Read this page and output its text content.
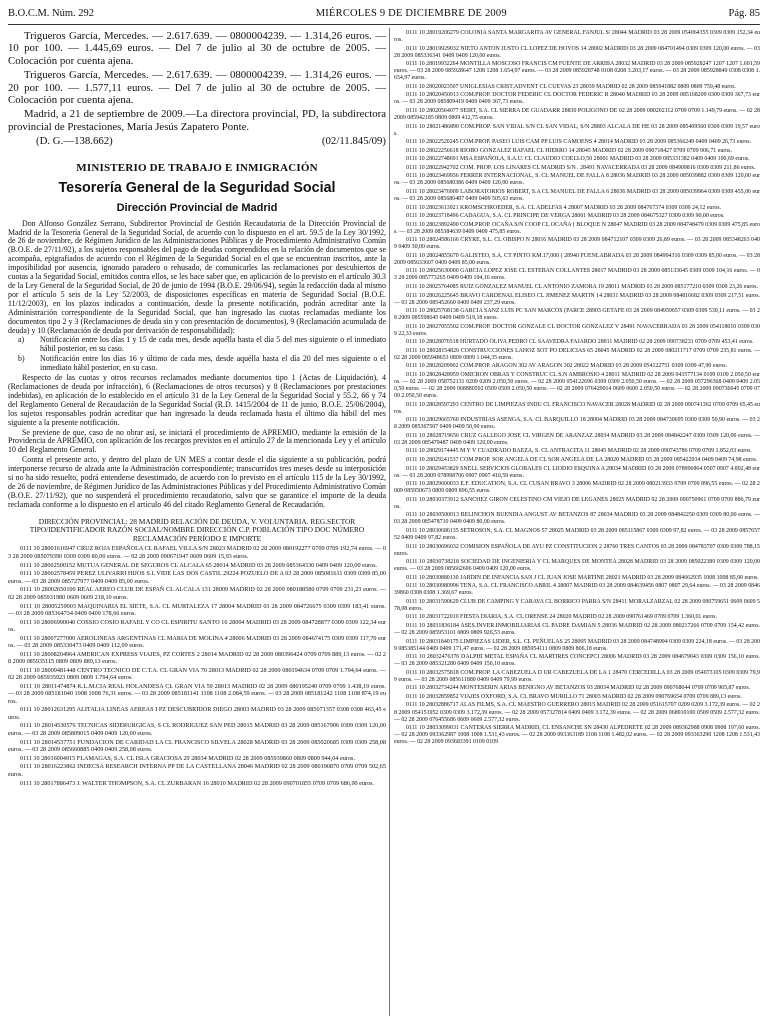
B.O.C.M. Núm. 292	MIÉRCOLES 9 DE DICIEMBRE DE 2009	Pág. 85

Trigueros García, Mercedes. — 2.617.639. — 0800004239. — 1.314,26 euros. — 10 por 100. — 1.445,69 euros. — Del 7 de julio al 30 de octubre de 2005. — Colocación por cuenta ajena.

Trigueros García, Mercedes. — 2.617.639. — 0800004239. — 1.314,26 euros. — 20 por 100. — 1.577,11 euros. — Del 7 de julio al 30 de octubre de 2005. — Colocación por cuenta ajena.

Madrid, a 21 de septiembre de 2009.—La directora provincial, PD, la subdirectora provincial de Prestaciones, María Jesús Zapatero Ponte.

(D. G.—138.662)	(02/11.845/09)
MINISTERIO DE TRABAJO E INMIGRACIÓN
Tesorería General de la Seguridad Social
Dirección Provincial de Madrid

Don Alfonso González Serrano, Subdirector Provincial de Gestión Recaudatoria de la Dirección Provincial de Madrid de la Tesorería General de la Seguridad Social, de acuerdo con lo dispuesto en el art. 59.5 de la Ley 30/1992, de 26 de noviembre, de Régimen Jurídico de las Administraciones Públicas y de Procedimiento Administrativo Común (B.O.E. de 27/11/92), a los sujetos responsables del pago de deudas comprendidos en la relación de documentos que se acompaña, epigrafiados de acuerdo con el Régimen de la Seguridad Social en el que se encuentran inscritos, ante la imposibilidad por ausencia, ignorado paradero o rehusado, de comunicarles las reclamaciones por descubiertos de cuotas a la Seguridad Social, emitidos contra ellos, se les hace saber que, en aplicación de lo previsto en el artículo 30.3 de la Ley General de la Seguridad Social, de 20 de junio de 1994 (B.O.E. 29/06/94), según la redacción dada al mismo por el artículo 5 seis de la Ley 52/2003, de disposiciones específicas en materia de Seguridad Social (B.O.E. 11/12/2003), en los plazos indicados a continuación, desde la presente notificación, podrán acreditar ante la Administración correspondiente de la Seguridad Social, que han ingresado las cuotas reclamadas mediante los documentos tipo 2 y 3 (Reclamaciones de deuda sin y con presentación de documentos), 9 (Reclamación acumulada de deuda) y 10 (Reclamación de deuda por derivación de responsabilidad):

a)	Notificación entre los días 1 y 15 de cada mes, desde aquélla hasta el día 5 del mes siguiente o el inmediato hábil posterior, en su caso.
b)	Notificación entre los días 16 y último de cada mes, desde aquélla hasta el día 20 del mes siguiente o el inmediato hábil posterior, en su caso.

Respecto de las cuotas y otros recursos reclamados mediante documentos tipo 1 (Actas de Liquidación), 4 (Reclamaciones de deuda por infracción), 6 (Reclamaciones de otros recursos) y 8 (Reclamaciones por prestaciones indebidas), en aplicación de lo establecido en el artículo 31 de la Ley General de la Seguridad Social y 55.2, 66 y 74 del Reglamento General de Recaudación de la Seguridad Social (R.D. 1415/2004 de 11 de junio, B.O.E. 25/06/2004), los sujetos responsables podrán acreditar que han ingresado la deuda reclamada hasta el último día hábil del mes siguiente a la presente notificación.

Se previene de que, caso de no obrar así, se iniciará el procedimiento de APREMIO, mediante la emisión de la Providencia de APREMIO, con aplicación de los recargos previstos en el artículo 27 de la mencionada Ley y el artículo 10 del Reglamento General.

Contra el presente acto, y dentro del plazo de UN MES a contar desde el día siguiente a su publicación, podrá interponerse recurso de alzada ante la Administración correspondiente; transcurridos tres meses desde su interposición si no ha sido resuelto, podrá entenderse desestimado, de acuerdo con lo previsto en el artículo 115 de la Ley 30/1992, de 26 de noviembre, de Régimen Jurídico de las Administraciones Públicas y del Procedimiento Administrativo Común (B.O.E. 27/11/92), que no suspenderá el procedimiento recaudatorio, salvo que se garantice el importe de la deuda reclamada conforme a lo dispuesto en el artículo 46 del citado Reglamento General de Recaudación.

DIRECCIÓN PROVINCIAL: 28 MADRID RELACIÓN DE DEUDA, V. VOLUNTARIA. REG.SECTOR TIPO/IDENTIFICADOR RAZÓN SOCIAL/NOMBRE DIRECCIÓN C.P. POBLACIÓN TIPO DOC NÚMERO RECLAMACIÓN PERÍODO E IMPORTE

0111 10 28001616947 CRUZ ROJA ESPAÑOLA CL RAFAEL VILLA S/N 28023 MADRID 02 28 2009 080192277 0709 0709 192,74 euros. — 03 28 2009 085079390 0309 0309 80,00 euros. — 02 28 2009 090671947 0609 0609 15,93 euros.

0111 10 28002500152 MUTUA GENERAL DE SEGUROS CL ALCALA 65 28014 MADRID 03 28 2009 085364330 0409 0409 120,00 euros.

0111 10 28002578459 PEREZ ULIVARRI HIJOS S.L VIDE LAS DOS CASTIL 29224 POZUELO DE A 03 28 2009 085081611 0309 0309 85,00 euros. — 03 28 2009 085727977 0409 0409 85,00 euros.

0111 10 28002650100 REAL AEREO CLUB DE ESPAÑ CL ALCALA 131 28009 MADRID 02 28 2009 080188580 0709 0709 231,23 euros. — 02 28 2009 085931980 0609 0609 218,10 euros.

0111 10 28005259003 MAQUINARIA EL SIETE, S.A. CL MURTALEZA 17 28004 MADRID 03 28 2009 084726675 0309 0309 183,41 euros. — 03 28 2009 085364734 0409 0409 178,66 euros.

0111 10 28006990040 COSSIO COSIO RAFAEL Y CO CL ESPIRITU SANTO 16 28004 MADRID 03 28 2009 084728877 0309 0309 122,34 euros.

0111 10 28007277000 AEROLINEAS ARGENTINAS CL MARIA DE MOLINA 4 28006 MADRID 03 28 2009 084674175 0309 0309 117,70 euros. — 03 28 2009 085330473 0409 0409 112,09 euros.

0111 10 28008204964 AMERICAN EXPRESS VIAJES, PZ CORTES 2 28014 MADRID 02 28 2009 080396424 0709 0709 889,13 euros. — 02 28 2009 085935115 0809 0809 889,13 euros.

0111 10 28009481448 CENTRO TECNICO DE C.T.A. CL GRAN VIA 70 28013 MADRID 02 28 2009 080194634 0709 0709 1.794,64 euros. — 02 28 2009 085935923 0809 0809 1.794,64 euros.

0111 10 28011474874 K.L.M.CIA REAL HOLANDESA CL GRAN VIA 59 28013 MADRID 02 28 2009 080195240 0709 0709 1.438,19 euros. — 03 28 2009 085181040 1008 1008 76,31 euros. — 03 28 2009 085181141 1108 1108 2.084,59 euros. — 03 28 2009 085181242 1108 1108 874,19 euros.

0111 10 28012631295 ALITALIA LINEAS AEREAS I PZ DESCUBRIDOR DIEGO 28003 MADRID 03 28 2009 085071357 0308 0308 463,45 euros.

0111 10 28014530576 TECNICAS SIDERURGICAS, S CL RODRIGUEZ SAN PED 28015 MADRID 03 28 2009 085167906 0309 0309 120,00 euros. — 03 28 2009 085809015 0409 0409 120,00 euros.

0111 10 28014537751 FUNDACION DE CARIDAD LA CL FRANCISCO SILVELA 28028 MADRID 03 28 2009 085020685 0309 0309 258,08 euros. — 03 28 2009 085660885 0409 0409 258,08 euros.

0111 10 28016004915 FLAMAGAS, S.A. CL ISLA GRACIOSA 29 28034 MADRID 02 28 2009 085939860 0809 0809 944,04 euros.

0111 10 28016223862 INDECSA RESEARCH INTERNA PP DE LA CASTELLANA 28046 MADRID 02 28 2009 080190870 0709 0709 502,65 euros.

0111 10 28017886473 J. WALTER THOMPSON, S.A. CL ZURBARAN 16 28010 MADRID 02 28 2009 090701855 0709 0709 686,90 euros.

0111 10 28019206279 COLONIA SANTA MARGARITA AV GENERAL FANJUL S/ 28044 MADRID 03 28 2009 054064355 0309 0309 152,34 euros.

0111 10 28019929032 NIETO ANTON JUSTO CL LOPEZ DE HOYOS 14 28002 MADRID 03 28 2009 084701494 0309 0309 120,00 euros. — 03 28 2009 085336341 0409 0409 120,00 euros.

0111 10 28019932264 MONTILLA MOSCOSO FRANCIS CM FUENTE DE ARRIBA 28032 MADRID 03 28 2009 085928247 1207 1207 1.601,59 euros. — 03 28 2009 085928647 1208 1208 1.654,97 euros. — 03 28 2009 085928748 0108 0208 3.203,17 euros. — 03 28 2009 085928849 0308 0308 1.654,97 euros.

0111 10 28020023507 UNIGLESIAS CRIST.ADVENT CL CUEVAS 23 28039 MADRID 02 28 2009 085941882 0809 0809 759,48 euros.

0111 10 28020450913 COM.PROP. DOCTOR FEDERIC CL DOCTOR FEDERIC R 28040 MADRID 03 28 2009 085168209 0309 0309 367,73 euros. — 03 28 2009 085809419 0409 0409 367,73 euros.

0111 10 28020564077 SEIRT, S.A. CL SIERRA DE GUADARR 28830 POLIGONO DE 02 28 2009 080202112 0709 0709 1.149,79 euros. — 02 28 2009 085942185 0809 0809 412,75 euros.

0111 10 28021486890 COM.PROP. SAN VIDAL S/N CL SAN VIDAL, S/N 28803 ALCALA DE HE 03 28 2009 085409560 0309 0309 19,57 euros.

0111 10 28022520245 COM.PROP. PASEO LUIS CAM PP LUIS CAMOENS 4 28014 MADRID 03 28 2009 085366249 0409 0409 26,73 euros.

0111 10 28022256618 RIOBO GONZALEZ RAFAEL CL HIERRO 14 28045 MADRID 02 28 2009 090718427 0709 0709 906,71 euros.

0111 10 28022748691 MSA ESPAÑOLA, S.A.U. CL CLAUDIO COELLO,50 28001 MADRID 03 28 2009 085331382 0409 0409 100,69 euros.

0111 10 28022942702 COM. PROP. LOS LINARES CL MADRID S/N . 28491 NAVACERRADA 03 28 2009 084909816 0309 0309 211,86 euros.

0111 10 28023469936 FERRER INTERNACIONAL, S. CL MANUEL DE FALLA 8 28036 MADRID 03 28 2009 085039882 0309 0309 120,00 euros. — 03 28 2009 085680386 0409 0409 120,00 euros.

0111 10 28023476909 LABORATORIOS ROBERT, S.A CL MANUEL DE FALLA 6 28036 MADRID 03 28 2009 085039964 0309 0309 455,06 euros. — 03 28 2009 085680487 0409 0409 505,63 euros.

0111 10 28023613921 KROMSCHROEDER, S.A. CL ADELFAS 4 28007 MADRID 03 28 2009 084767374 0309 0309 24,12 euros.

0111 10 28023718496 CADAGUA, S.A. CL PRINCIPE DE VERGA 28001 MADRID 03 28 2009 084675327 0309 0309 90,00 euros.

0111 10 28023892490 COM.PROP. OCAÑA S/N COOP CL OCAÑA ( BLOQUE N 28047 MADRID 03 28 2009 084748479 0309 0309 475,85 euros. — 03 28 2009 085384639 0409 0409 475,85 euros.

0111 10 28024586166 CRYRE, S.L. CL OBISPO N 28016 MADRID 03 28 2009 084712107 0309 0309 26,89 euros. — 03 28 2009 085348263 0409 0409 30,00 euros.

0111 10 28024855670 GALISTEO, S.A. CT PINTO KM.17,000 ( 28940 FUENLABRADA 03 28 2009 084994316 0309 0309 85,00 euros. — 03 28 2009 085633607 0409 0409 85,00 euros.

0111 10 28025630000 GARCIA LOPEZ JOSE CL ESTEBAN COLLANTES 28017 MADRID 03 28 2009 085133045 0309 0309 104,16 euros. — 03 28 2009 085773265 0409 0409 104,16 euros.

0111 10 28025764085 RUIZ GONZALEZ MANUEL CL ANTONIO ZAMORA 19 28011 MADRID 03 28 2009 085177210 0309 0309 23,26 euros.

0111 10 28026225645 BRAVO CARDENAL ELISEO CL JIMENEZ MARTIN 14 28031 MADRID 03 28 2009 084816682 0309 0309 217,51 euros. — 03 28 2009 085452660 0409 0409 237,29 euros.

0111 10 28025768138 GARCIA SANZ LUIS PC SAN MARCOS (PARCE 28903 GETAFE 03 28 2009 084959657 0309 0309 530,11 euros. — 03 28 2009 085598645 0409 0409 519,18 euros.

0111 10 28027055502 COM.PROP. DOCTOR GONZALE CL DOCTOR GONZALEZ V 28491 NAVACERRADA 03 28 2009 054118010 0309 0309 22,33 euros.

0111 10 28028076518 HURTADO OLIVA PEDRO CL SAAVEDRA FAJARDO 28011 MADRID 02 28 2009 090738231 0709 0709 453,41 euros.

0111 10 28028154826 CONSTRUCCIONES LAHOZ SOT PO DELICIAS 65 28045 MADRID 02 28 2009 080211717 0709 0709 235,81 euros. — 02 28 2009 085948653 0809 0809 1.044,35 euros.

0111 10 28028209902 COM.PROP. ARAGON 302 AV ARAGON 302 28022 MADRID 03 28 2009 054122751 0309 0309 47,90 euros.

0111 10 28028428959 OMICRON OBRAS Y CONSTRUC CL S.N AMBROSIO 4 28011 MADRID 02 28 2009 043577134 0109 0109 2.050,50 euros. — 02 28 2009 058752131 0209 0209 2.050,50 euros. — 02 28 2009 054122696 0309 0309 2.050,50 euros. — 02 28 2009 057296368 0409 0409 2.050,50 euros. — 02 28 2009 068880592 0509 0509 2.050,50 euros. — 02 28 2009 076429014 0609 0609 2.050,50 euros. — 02 28 2009 090736645 0709 0709 2.050,50 euros.

0111 10 28028597293 CENTRO DE LIMPIEZAS INDU CL FRANCISCO NAVACER 28028 MADRID 02 28 2009 090741362 0709 0709 65,45 euros.

0111 10 28029665760 INDUSTRIAS ASENGA, S.A. CL BARQUILLO 18 28004 MADRID 03 28 2009 084730695 0309 0309 50,90 euros. — 03 28 2009 085367507 0409 0409 50,90 euros.

0111 10 28028719656 CRUZ GALLEGO JOSE CL VIRGEN DE ARANZAZ 28034 MADRID 03 28 2009 084842247 0309 0309 120,00 euros. — 03 28 2009 085479487 0409 0409 120,00 euros.

0111 10 28029174445 M Y V CUADRADO BAEZA, S. CL ANTRACITA 11 28045 MADRID 02 28 2009 090743786 0709 0709 1.852,03 euros.

0111 10 28029241537 COM.PROP. SOR ANGELA DE CL SOR ANGELA DE LA 28020 MADRID 03 28 2009 085422934 0409 0409 74,98 euros.

0111 10 28029453829 SNELL SERVICIOS GLOBALES CL LIODIO ESQUINA A 28034 MADRID 03 28 2009 078996864 0507 0907 4.892,48 euros. — 03 28 2009 078998706 0907 0907 410,59 euros.

0111 10 28029600033 E.F. EDUCATION, S.A. CL CUSAN BRAVO 3 28006 MADRID 02 28 2009 080213933 0709 0709 896,55 euros. — 02 28 2009 085950673 0809 0809 896,55 euros.

0111 10 28030373912 SANCHEZ GIRON CELESTINO CM VIEJO DE LEGANES 28025 MADRID 02 28 2009 090750961 0709 0709 886,79 euros.

0111 10 28030500013 BELINCHON BUENDIA ANGUST AV BETANZOS 87 28034 MADRID 03 28 2009 084842250 0309 0309 80,00 euros. — 03 28 2009 085478710 0409 0409 80,00 euros.

0111 10 28030686135 SETROSON, S.A. CL MAGNOS 57 28025 MADRID 03 28 2009 085115867 0309 0309 97,82 euros. — 03 28 2009 085765752 0409 0409 97,82 euros.

0111 10 28030696032 COMISION ESPAÑOLA DE AYU PZ CONSTITUCION 2 28760 TRES CANTOS 03 28 2009 084783707 0309 0309 788,15 euros.

0111 10 28030738218 SOCIEDAD DE INGENIERIA Y CL MARQUES DE MONTEA 28028 MADRID 03 28 2009 085022389 0309 0309 120,00 euros. — 03 28 2009 085662606 0409 0409 120,00 euros.

0111 10 28030880130 JARDIN DE INFANCIA SAN J CL JUAN JOSE MARTINE 28021 MADRID 03 28 2009 084662935 1008 1008 85,00 euros.

0111 10 28030980996 TENA, S.A. CL FRANCISCO ABRIL 4 28007 MADRID 03 28 2009 084639456 0807 0807 29,64 euros. — 03 28 2009 084639860 0308 0308 1.369,67 euros.

0111 10 28031590629 CLUB DE CAMPING Y CARAVA CL BORRICO PARRA S/N 28411 MORALZARZAL 02 28 2009 090759651 0609 0609 578,08 euros.

0111 10 28031722010 FIESTA DIARIA, S.A. CL ORENSE 24 28020 MADRID 02 28 2009 090761469 0709 0709 1.360,01 euros.

0111 10 28031836184 ASES.INVER.INMOBILIARIAS CL PADRE DAMIAN 5 28036 MADRID 02 28 2009 080217266 0709 0709 154,42 euros. — 02 28 2009 085953101 0809 0809 926,53 euros.

0111 10 28031840175 LIMPIEZAS LIDER, S.L. CL PEÑUELAS 25 28005 MADRID 03 28 2009 084748994 0309 0309 224,18 euros. — 03 28 2009 085385144 0409 0409 171,47 euros. — 02 28 2009 085954111 0809 0809 806,18 euros.

0111 10 28032476376 DALPHI METAL ESPAÑA CL MARTIRES CONCEPCI 28006 MADRID 03 28 2009 084679043 0309 0309 156,10 euros. — 03 28 2009 085321280 0409 0409 156,10 euros.

0111 10 28032575818 COM.PROP. LA CABEZUELA D UR CABEZUELA DE LA 1 28470 CERCEDILLA 03 28 2009 054073105 0309 0309 79,99 euros. — 03 28 2009 085611880 0409 0409 79,99 euros.

0111 10 28032734244 MONTESERIN ARIAS BENIGNO AV BETANZOS 93 28034 MADRID 02 28 2009 090768644 0709 0709 965,87 euros.

0111 10 28032859852 VIAJES OXFORD, S.A. CL BRAVO MURILLO 71 28003 MADRID 02 28 2009 090769654 0709 0709 889,13 euros.

0111 10 28032886717 ALAS FILMS, S.A. CL MAESTRO GUERRERO 28015 MADRID 02 28 2009 051615707 0209 0209 3.172,39 euros. — 02 28 2009 054151952 0309 0309 3.172,39 euros. — 02 28 2009 057327814 0409 0409 3.172,39 euros. — 02 28 2009 068910100 0509 0509 2.577,32 euros. — 02 28 2009 076455686 0609 0609 2.577,32 euros.

0111 10 28033099031 CANTERAS SIERRA MADRID, CL ENSANCHE SN 28430 ALPEDRETE 02 28 2009 089362988 0908 0908 197,60 euros. — 02 28 2009 093362987 1008 1008 1.531,43 euros. — 02 28 2009 093363189 1108 1108 1.482,02 euros. — 02 28 2009 093363290 1208 1208 1.531,43 euros. — 02 28 2009 093683391 0109 0109
